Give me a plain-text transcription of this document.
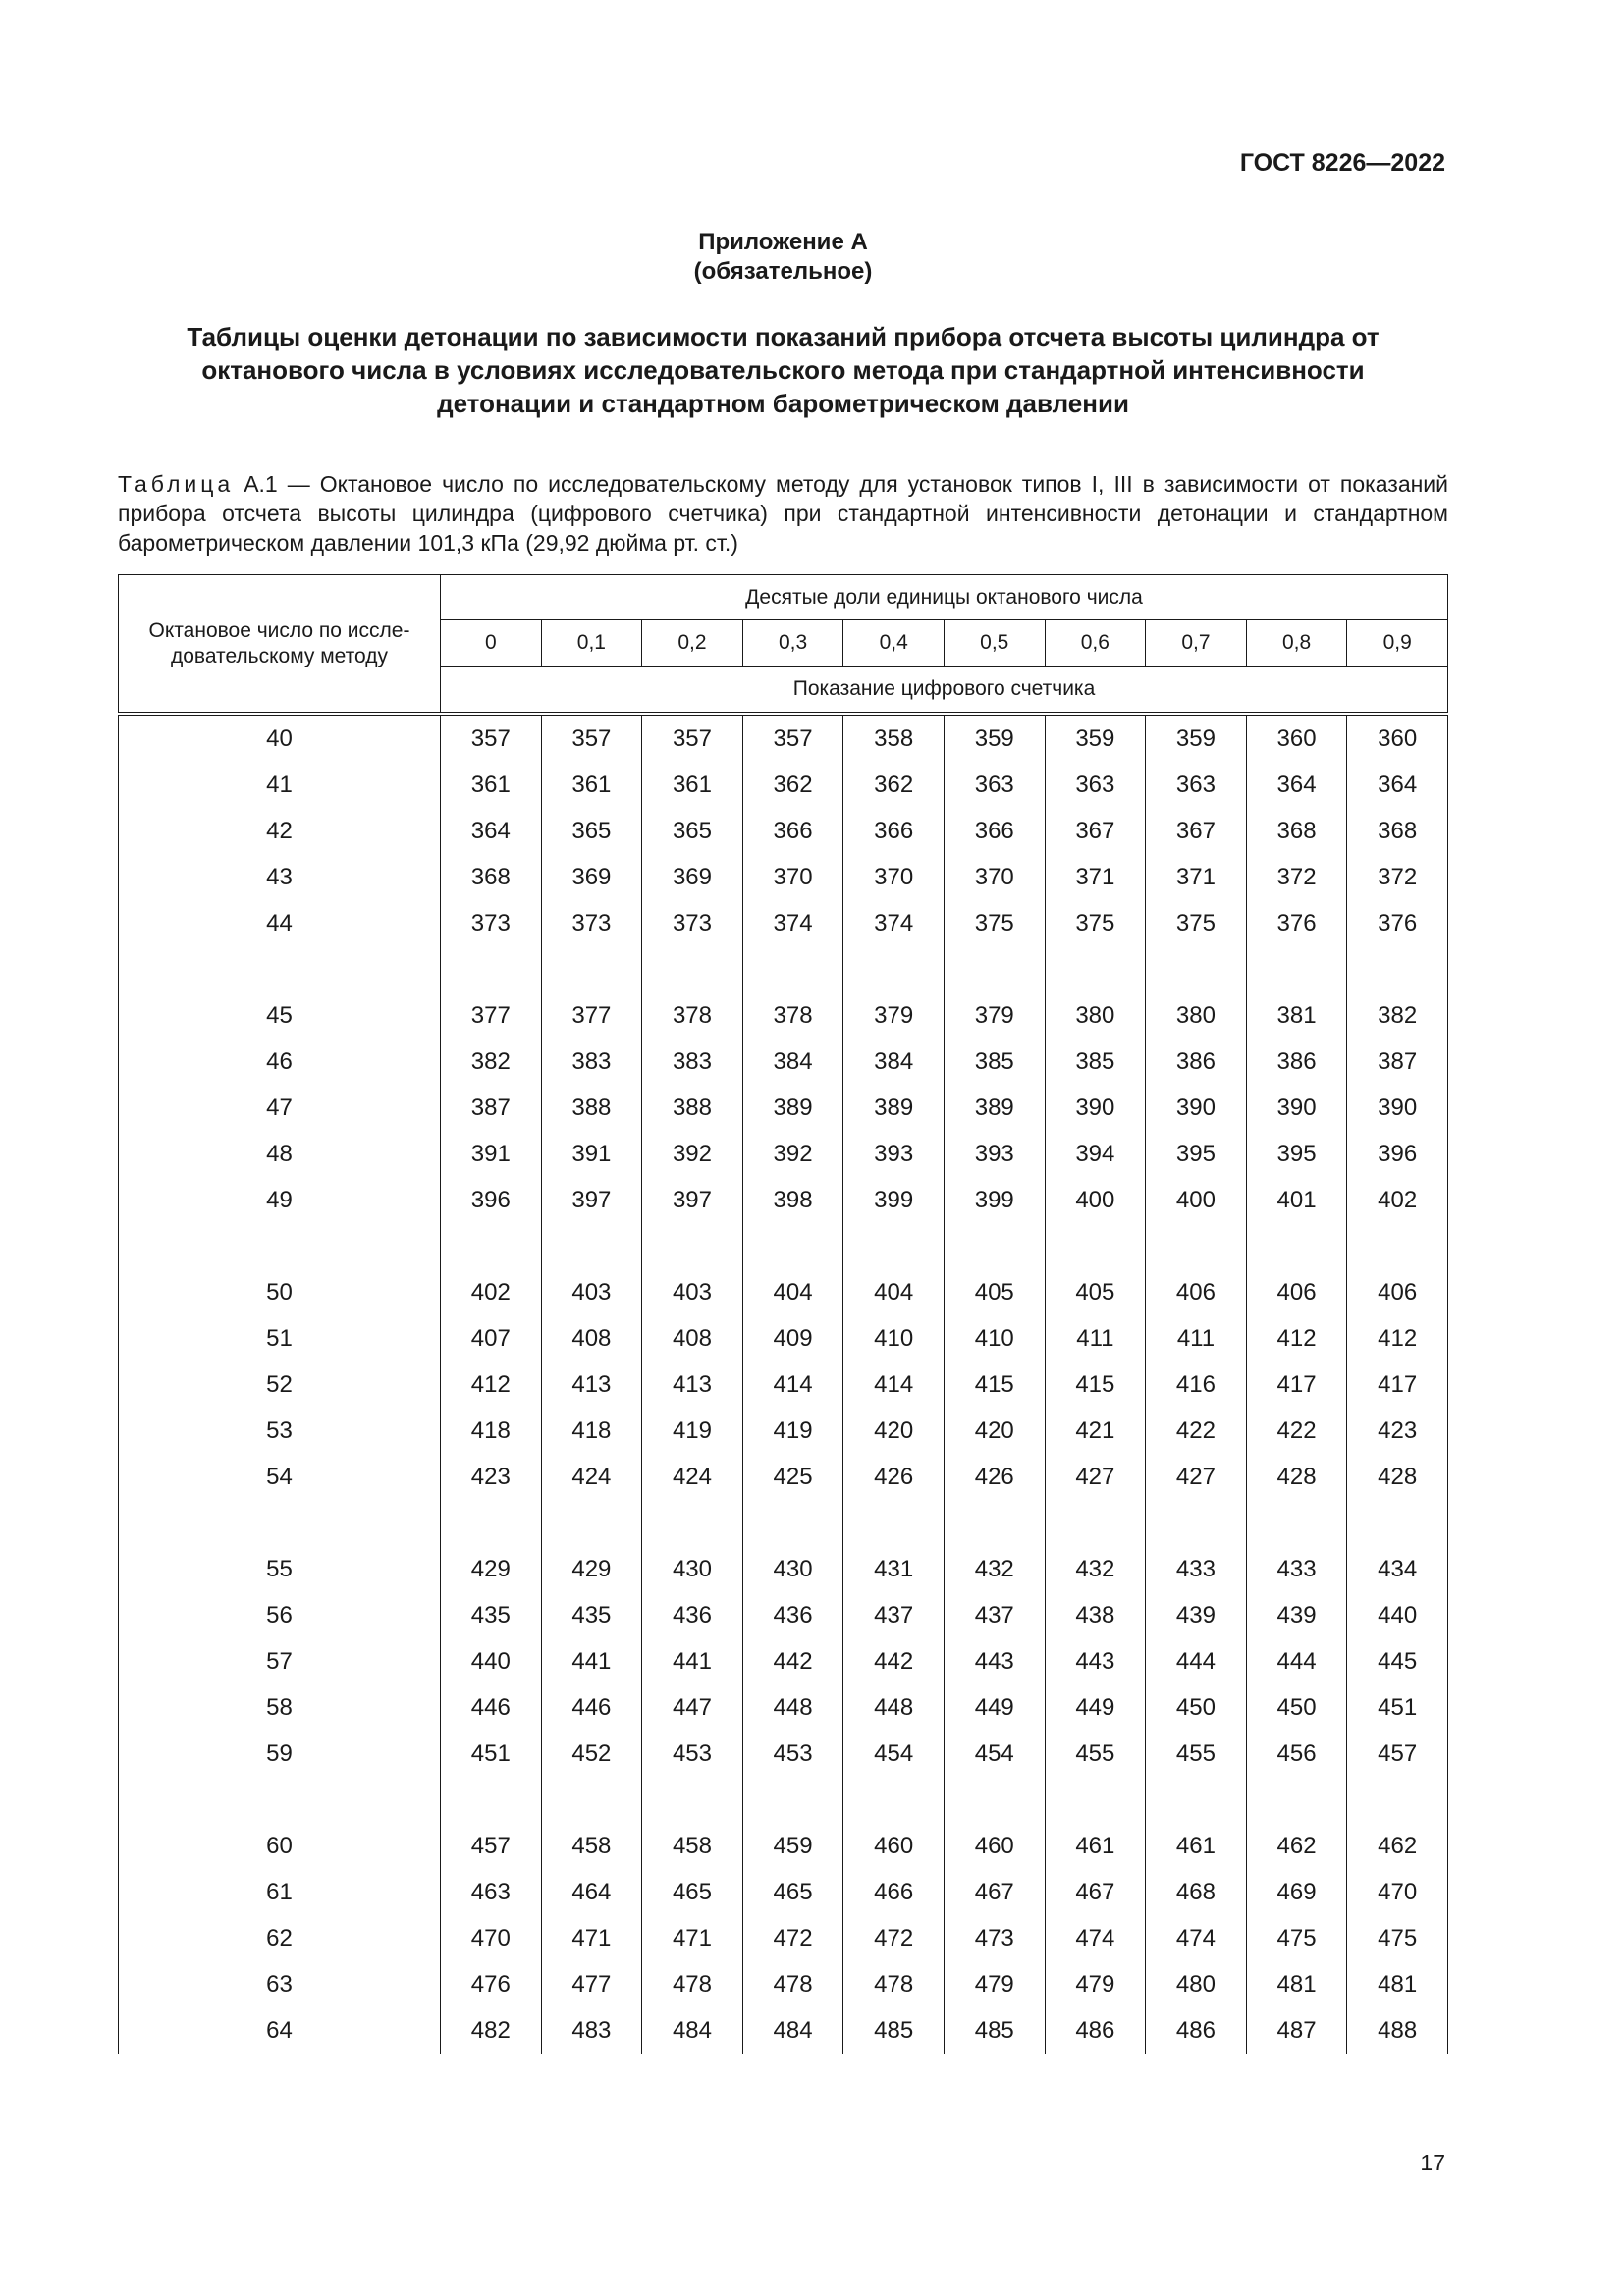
ГОСТ 8226—2022
Приложение А
(обязательное)
Таблицы оценки детонации по зависимости показаний прибора отсчета высоты цилиндра от
октанового числа в условиях исследовательского метода при стандартной интенсивности
детонации и стандартном барометрическом давлении
Таблица А.1 — Октановое число по исследовательскому методу для установок типов I, III в зависимости от показаний прибора отсчета высоты цилиндра (цифрового счетчика) при стандартной интенсивности детонации и стандартном барометрическом давлении 101,3 кПа (29,92 дюйма рт. ст.)
Октановое число по иссле-
довательскому методу	Десятые доли единицы октанового числа									
	0	0,1	0,2	0,3	0,4	0,5	0,6	0,7	0,8	0,9
	Показание цифрового счетчика									
40	357	357	357	357	358	359	359	359	360	360
41	361	361	361	362	362	363	363	363	364	364
42	364	365	365	366	366	366	367	367	368	368
43	368	369	369	370	370	370	371	371	372	372
44	373	373	373	374	374	375	375	375	376	376

45	377	377	378	378	379	379	380	380	381	382
46	382	383	383	384	384	385	385	386	386	387
47	387	388	388	389	389	389	390	390	390	390
48	391	391	392	392	393	393	394	395	395	396
49	396	397	397	398	399	399	400	400	401	402

50	402	403	403	404	404	405	405	406	406	406
51	407	408	408	409	410	410	411	411	412	412
52	412	413	413	414	414	415	415	416	417	417
53	418	418	419	419	420	420	421	422	422	423
54	423	424	424	425	426	426	427	427	428	428

55	429	429	430	430	431	432	432	433	433	434
56	435	435	436	436	437	437	438	439	439	440
57	440	441	441	442	442	443	443	444	444	445
58	446	446	447	448	448	449	449	450	450	451
59	451	452	453	453	454	454	455	455	456	457

60	457	458	458	459	460	460	461	461	462	462
61	463	464	465	465	466	467	467	468	469	470
62	470	471	471	472	472	473	474	474	475	475
63	476	477	478	478	478	479	479	480	481	481
64	482	483	484	484	485	485	486	486	487	488
17
